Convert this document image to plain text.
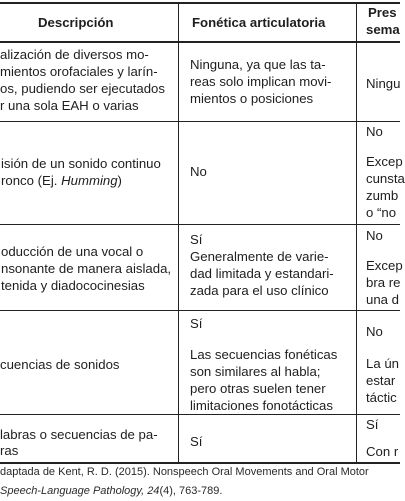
Descripción	Fonética articulatoria
Pres
sema
alización de diversos mo-
mientos orofaciales y larín-
os, pudiendo ser ejecutados
r una sola EAH o varias
Ninguna, ya que las ta-
reas solo implican movi-
mientos o posiciones
Ningu
isión de un sonido continuo
ronco (Ej. Humming)
No
No
Excep
cunsta
zumb
o “no
oducción de una vocal o
nsonante de manera aislada,
tenida y diadococinesias
Sí
Generalmente de varie-
dad limitada y estandari-
zada para el uso clínico
No
Excep
bra re
una d
cuencias de sonidos
Sí
Las secuencias fonéticas
son similares al habla;
pero otras suelen tener
limitaciones fonotácticas
No
La ún
estar
táctic
labras o secuencias de pa-
ras
Sí
Sí
Con r
daptada de Kent, R. D. (2015). Nonspeech Oral Movements and Oral Motor
Speech-Language Pathology, 24(4), 763-789.
